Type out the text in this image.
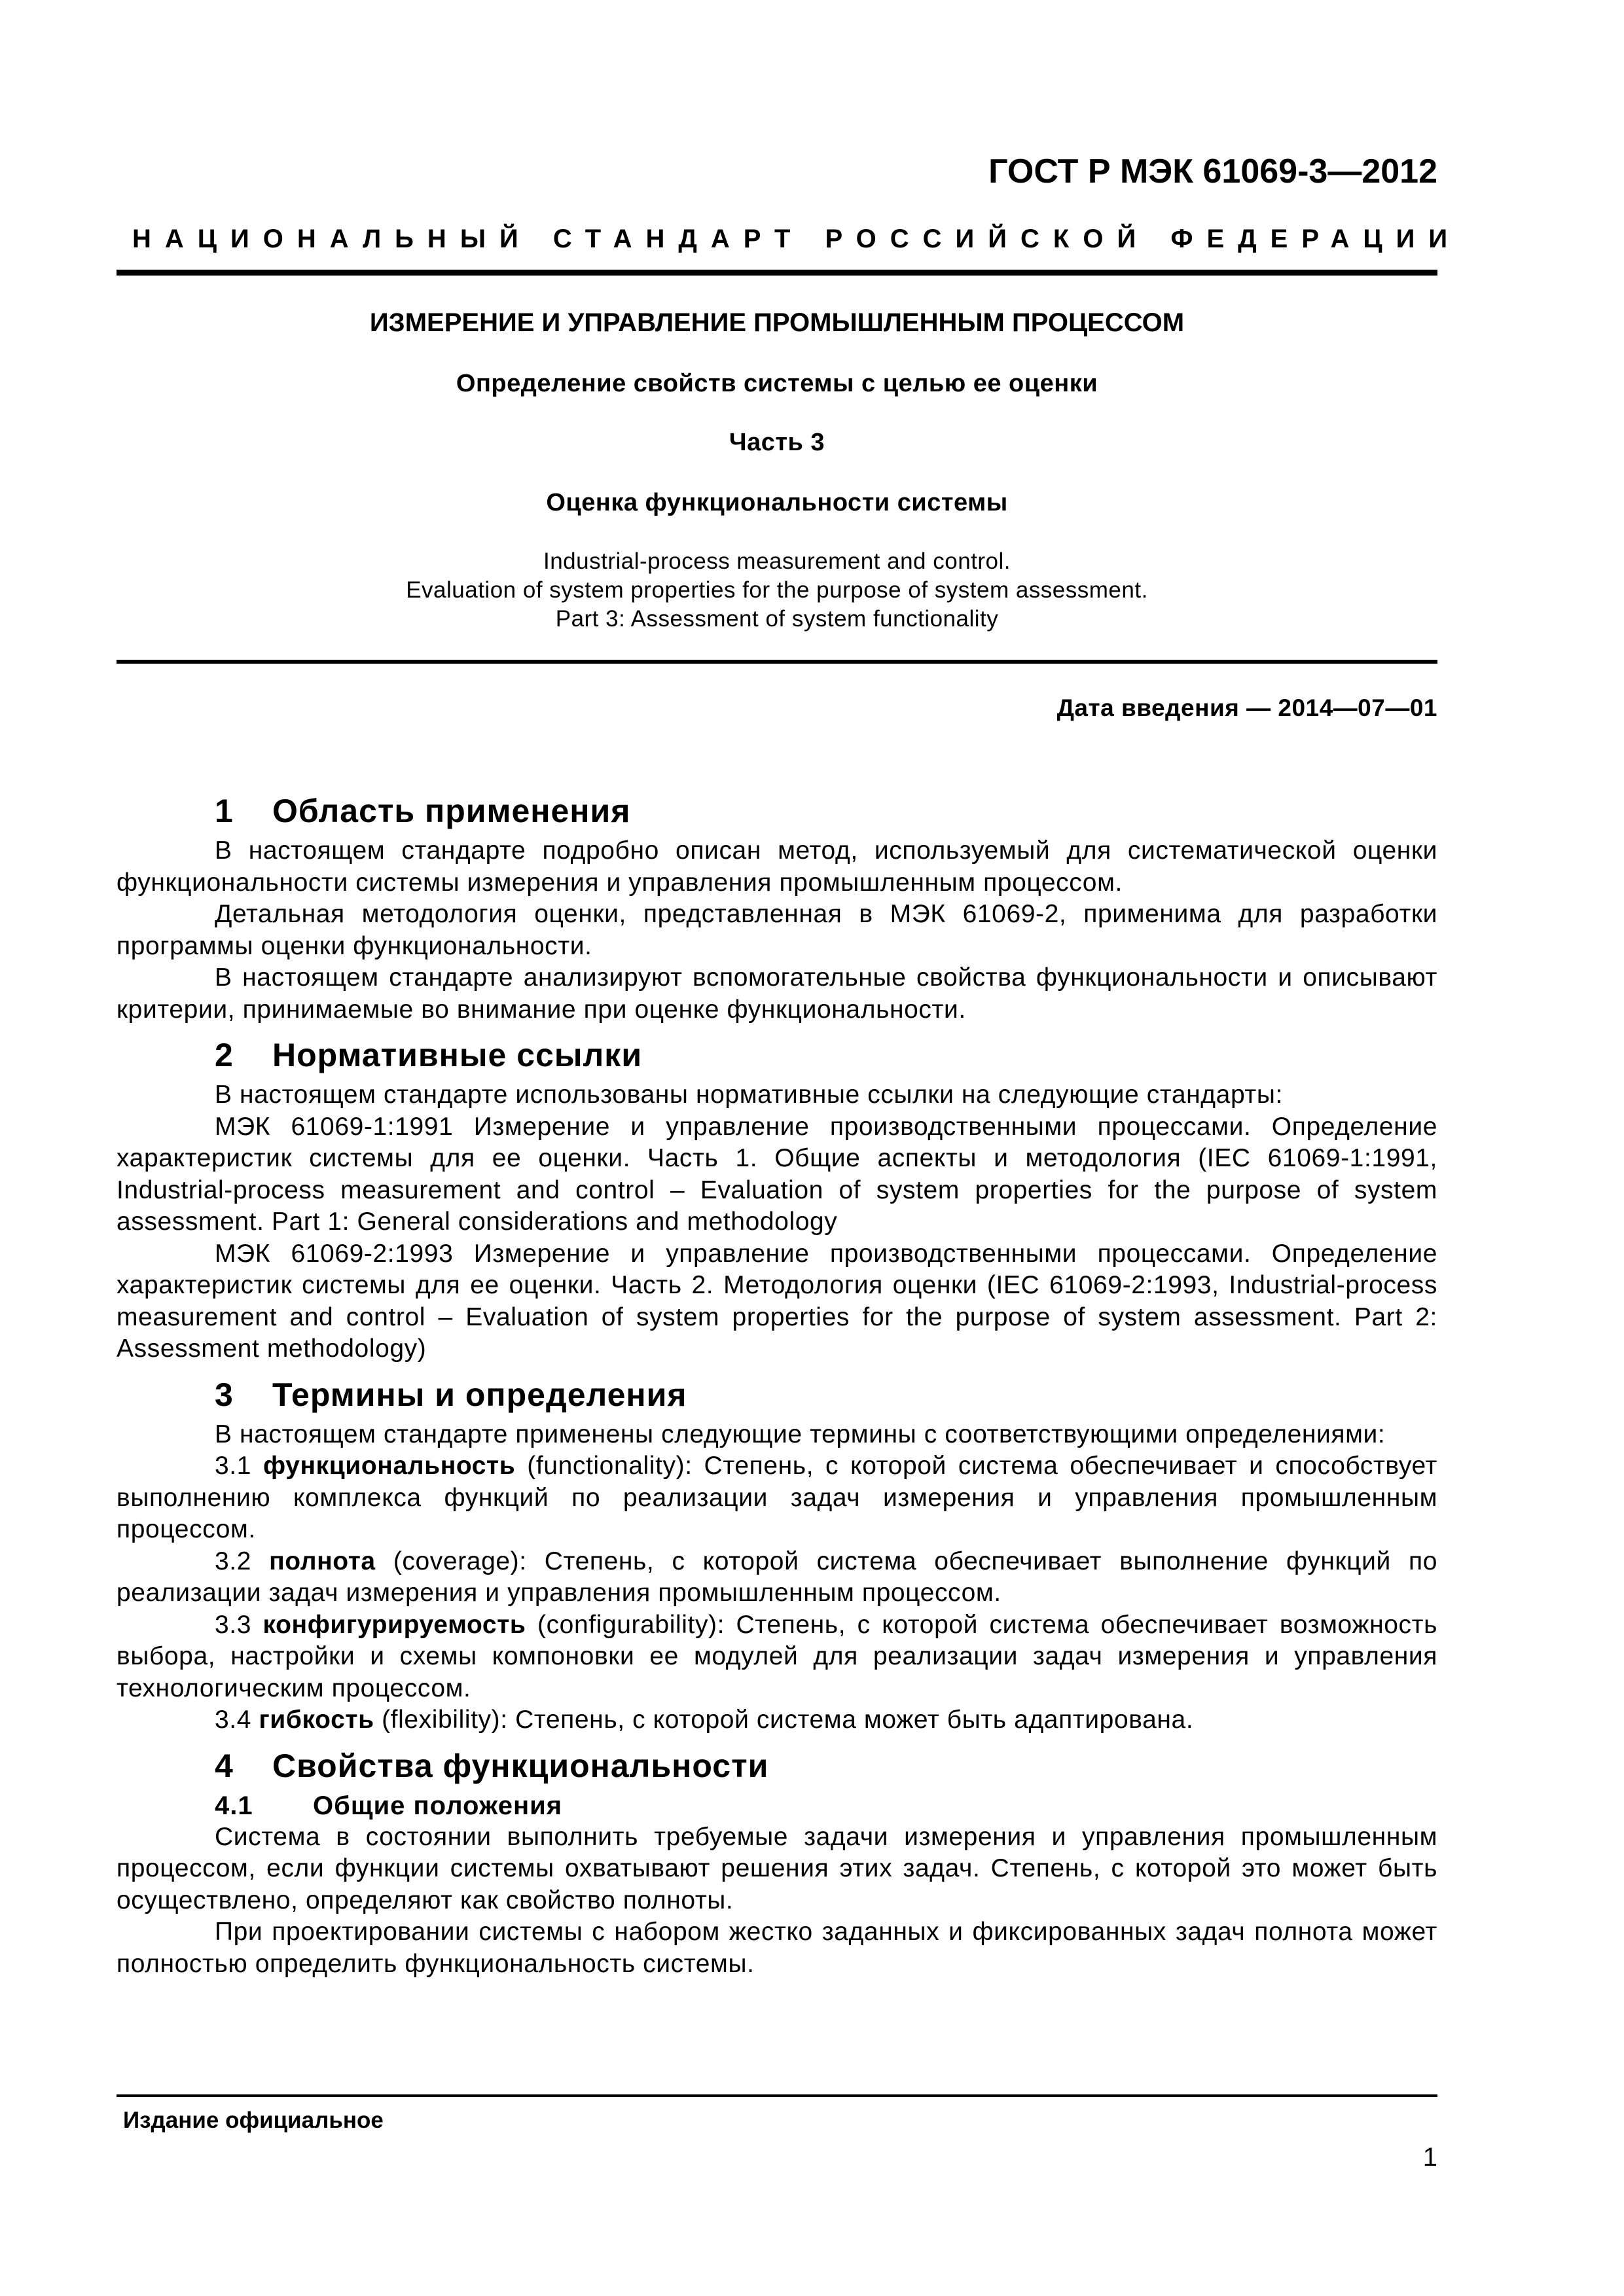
ГОСТ Р МЭК 61069-3—2012
НАЦИОНАЛЬНЫЙ СТАНДАРТ РОССИЙСКОЙ ФЕДЕРАЦИИ
ИЗМЕРЕНИЕ И УПРАВЛЕНИЕ ПРОМЫШЛЕННЫМ ПРОЦЕССОМ
Определение свойств системы с целью ее оценки
Часть 3
Оценка функциональности системы
Industrial-process measurement and control.
Evaluation of system properties for the purpose of system assessment.
Part 3: Assessment of system functionality
Дата введения — 2014—07—01
1 Область применения

В настоящем стандарте подробно описан метод, используемый для систематической оценки функциональности системы измерения и управления промышленным процессом.

Детальная методология оценки, представленная в МЭК 61069-2, применима для разработки программы оценки функциональности.

В настоящем стандарте анализируют вспомогательные свойства функциональности и описывают критерии, принимаемые во внимание при оценке функциональности.

2 Нормативные ссылки

В настоящем стандарте использованы нормативные ссылки на следующие стандарты:

МЭК 61069-1:1991 Измерение и управление производственными процессами. Определение характеристик системы для ее оценки. Часть 1. Общие аспекты и методология (IEC 61069-1:1991, Industrial-process measurement and control – Evaluation of system properties for the purpose of system assessment. Part 1: General considerations and methodology

МЭК 61069-2:1993 Измерение и управление производственными процессами. Определение характеристик системы для ее оценки. Часть 2. Методология оценки (IEC 61069-2:1993, Industrial-process measurement and control – Evaluation of system properties for the purpose of system assessment. Part 2: Assessment methodology)

3 Термины и определения

В настоящем стандарте применены следующие термины с соответствующими определениями:

3.1 функциональность (functionality): Степень, с которой система обеспечивает и способствует выполнению комплекса функций по реализации задач измерения и управления промышленным процессом.

3.2 полнота (coverage): Степень, с которой система обеспечивает выполнение функций по реализации задач измерения и управления промышленным процессом.

3.3 конфигурируемость (configurability): Степень, с которой система обеспечивает возможность выбора, настройки и схемы компоновки ее модулей для реализации задач измерения и управления технологическим процессом.

3.4 гибкость (flexibility): Степень, с которой система может быть адаптирована.

4 Свойства функциональности
4.1 Общие положения

Система в состоянии выполнить требуемые задачи измерения и управления промышленным процессом, если функции системы охватывают решения этих задач. Степень, с которой это может быть осуществлено, определяют как свойство полноты.

При проектировании системы с набором жестко заданных и фиксированных задач полнота может полностью определить функциональность системы.

Издание официальное
1
